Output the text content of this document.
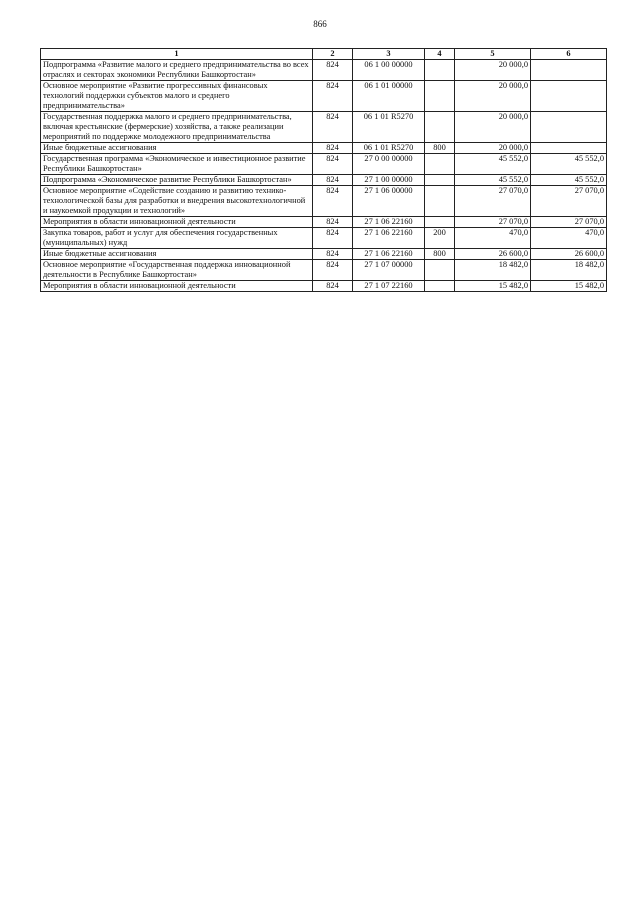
866
1	2	3	4	5	6
Подпрограмма «Развитие малого и среднего предпринимательства во всех отраслях и секторах экономики Республики Башкортостан»	824	06 1 00 00000		20 000,0	
Основное мероприятие «Развитие прогрессивных финансовых технологий поддержки субъектов малого и среднего предпринимательства»	824	06 1 01 00000		20 000,0	
Государственная поддержка малого и среднего предпринимательства, включая крестьянские (фермерские) хозяйства, а также реализации мероприятий по поддержке молодежного предпринимательства	824	06 1 01 R5270		20 000,0	
Иные бюджетные ассигнования	824	06 1 01 R5270	800	20 000,0	
Государственная программа «Экономическое и инвестиционное развитие Республики Башкортостан»	824	27 0 00 00000		45 552,0	45 552,0
Подпрограмма «Экономическое развитие Республики Башкортостан»	824	27 1 00 00000		45 552,0	45 552,0
Основное мероприятие «Содействие созданию и развитию технико-технологической базы для разработки и внедрения высокотехнологичной и наукоемкой продукции и технологий»	824	27 1 06 00000		27 070,0	27 070,0
Мероприятия в области инновационной деятельности	824	27 1 06 22160		27 070,0	27 070,0
Закупка товаров, работ и услуг для обеспечения государственных (муниципальных) нужд	824	27 1 06 22160	200	470,0	470,0
Иные бюджетные ассигнования	824	27 1 06 22160	800	26 600,0	26 600,0
Основное мероприятие «Государственная поддержка инновационной деятельности в Республике Башкортостан»	824	27 1 07 00000		18 482,0	18 482,0
Мероприятия в области инновационной деятельности	824	27 1 07 22160		15 482,0	15 482,0
